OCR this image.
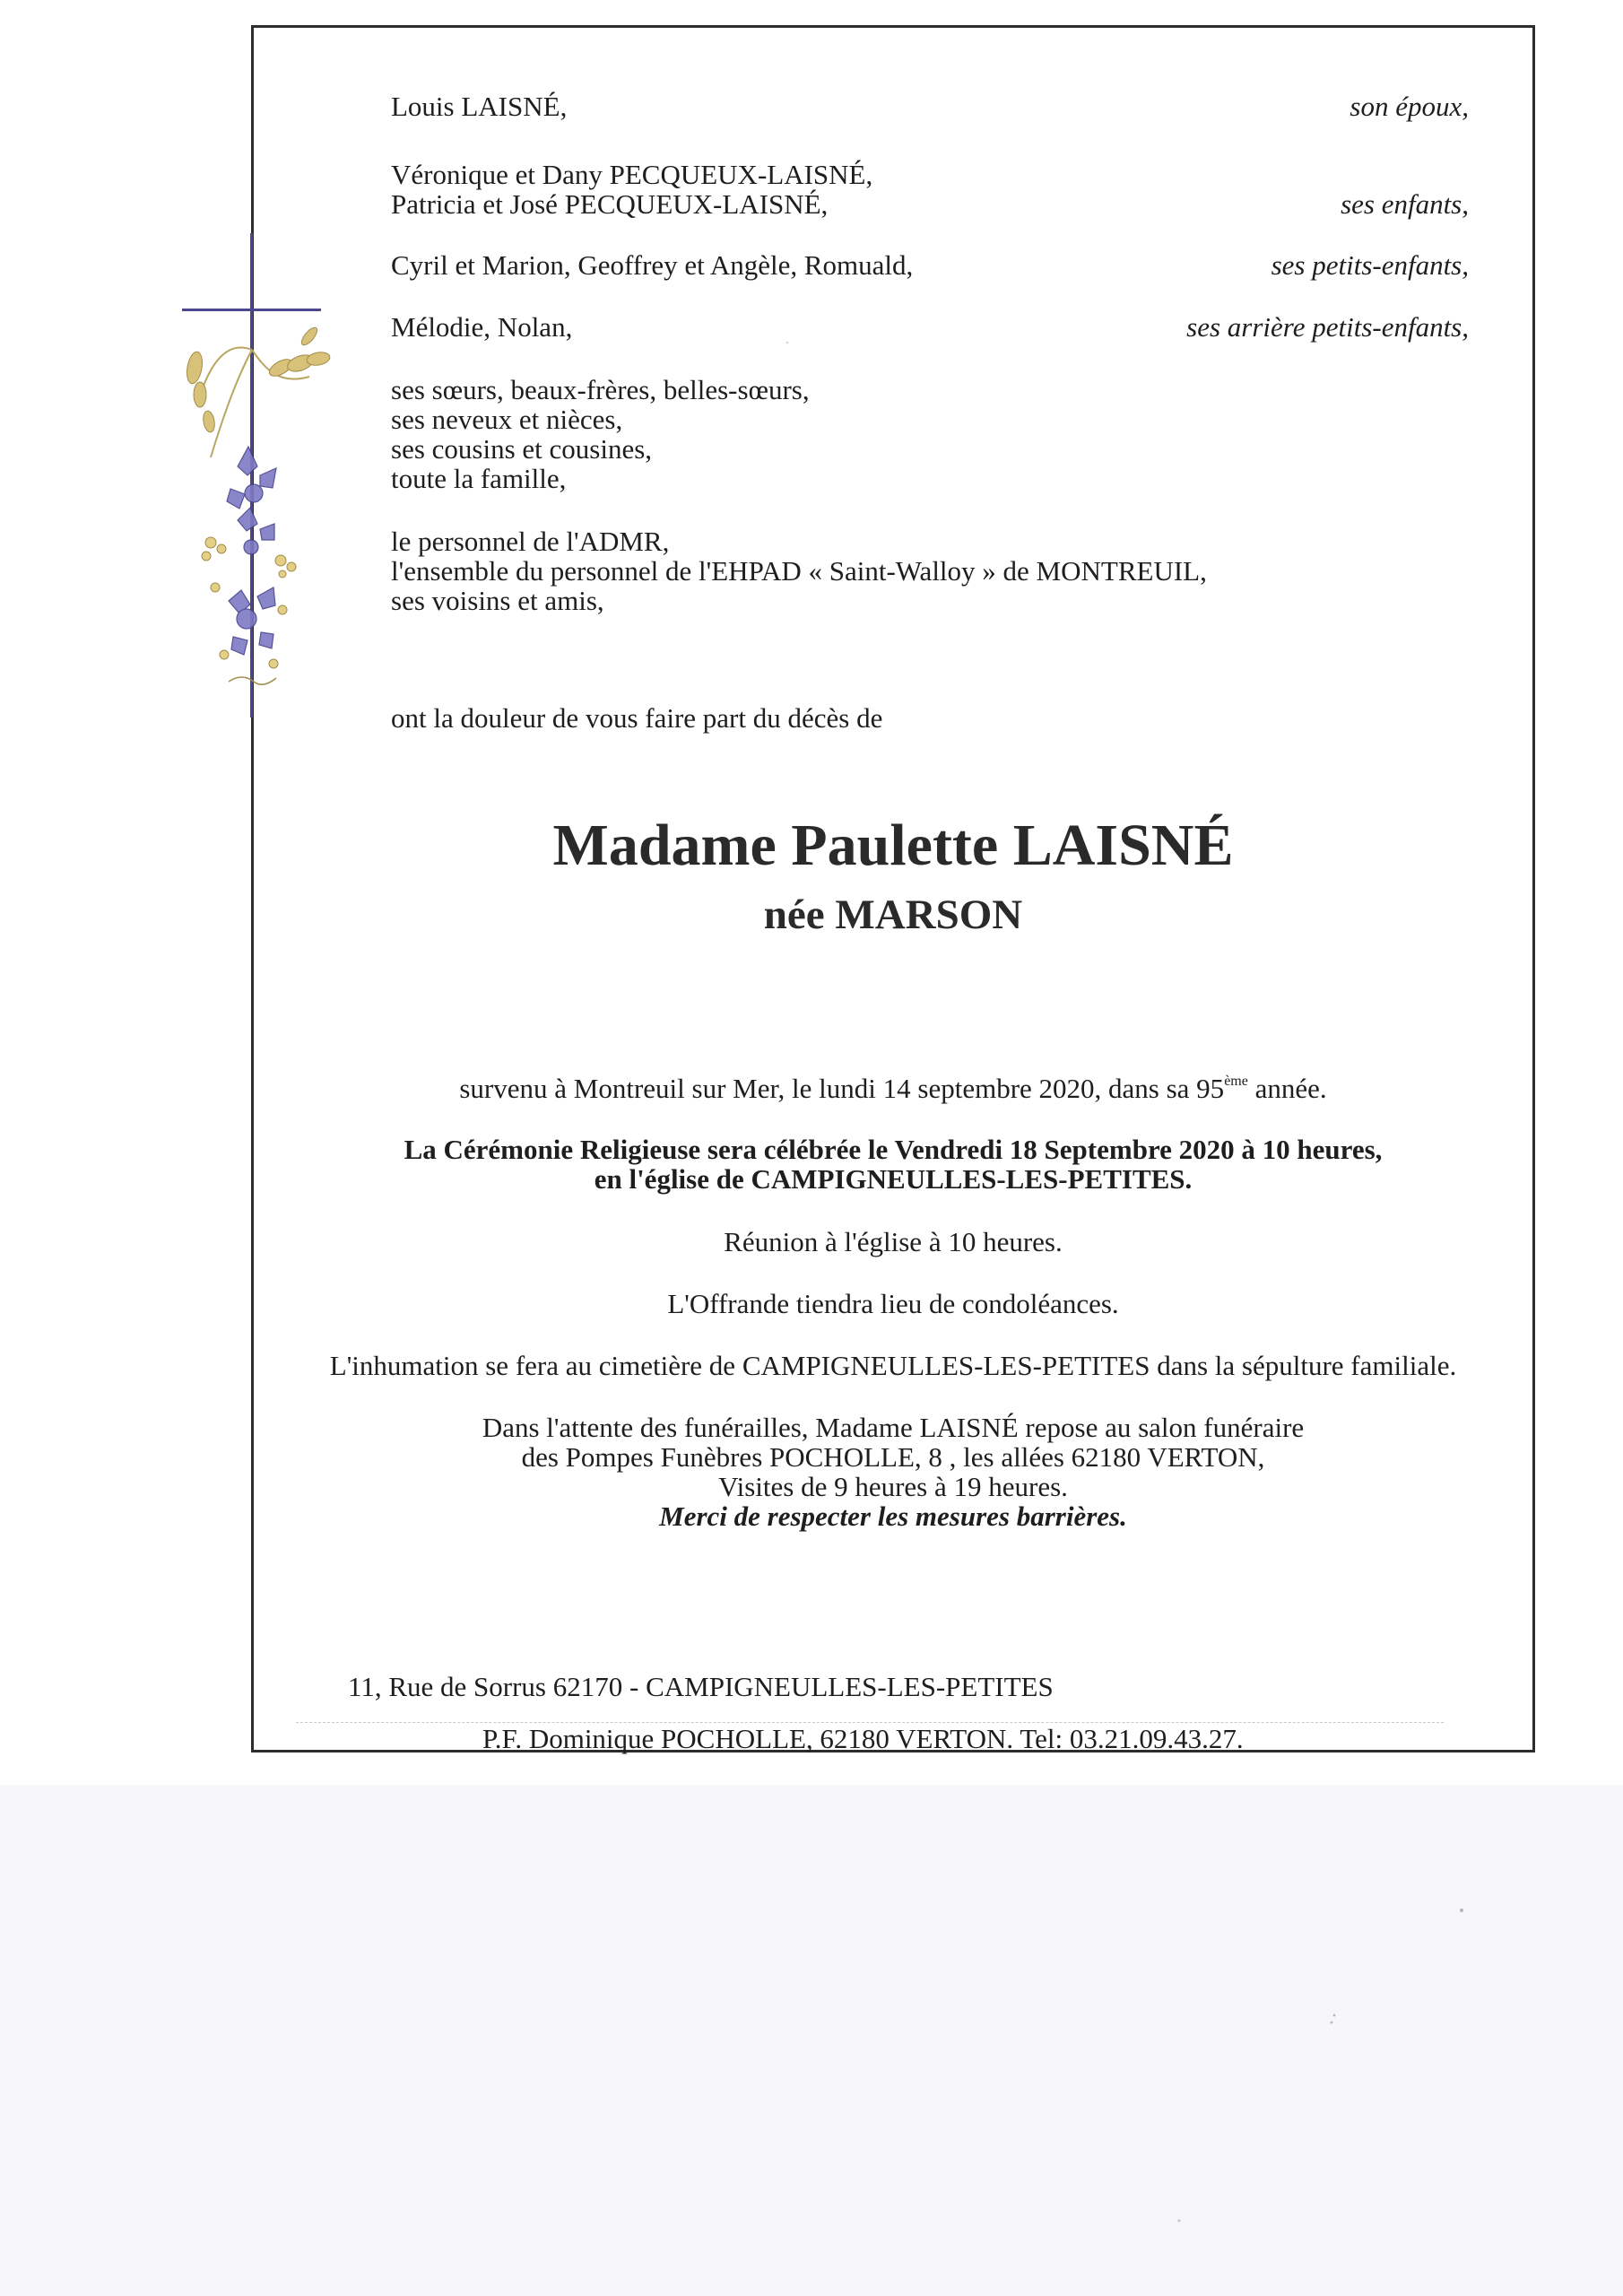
Louis LAISNÉ,	son époux,
Véronique et Dany PECQUEUX-LAISNÉ,
Patricia et José PECQUEUX-LAISNÉ,	ses enfants,
Cyril et Marion, Geoffrey et Angèle, Romuald,	ses petits-enfants,
Mélodie, Nolan,	ses arrière petits-enfants,

ses sœurs, beaux-frères, belles-sœurs,

ses neveux et nièces,

ses cousins et cousines,

toute la famille,

le personnel de l'ADMR,

l'ensemble du personnel de l'EHPAD « Saint-Walloy » de MONTREUIL,

ses voisins et amis,

ont la douleur de vous faire part du décès de
Madame Paulette LAISNÉ
née MARSON
survenu à Montreuil sur Mer, le lundi 14 septembre 2020, dans sa 95ème année.
La Cérémonie Religieuse sera célébrée le Vendredi 18 Septembre 2020 à 10 heures,
en l'église de CAMPIGNEULLES-LES-PETITES.
Réunion à l'église à 10 heures.
L'Offrande tiendra lieu de condoléances.
L'inhumation se fera au cimetière de CAMPIGNEULLES-LES-PETITES dans la sépulture familiale.
Dans l'attente des funérailles, Madame LAISNÉ repose au salon funéraire
des Pompes Funèbres POCHOLLE, 8 , les allées 62180 VERTON,
Visites de 9 heures à 19 heures.
Merci de respecter les mesures barrières.
11, Rue de Sorrus 62170 - CAMPIGNEULLES-LES-PETITES
P.F. Dominique POCHOLLE, 62180 VERTON. Tel: 03.21.09.43.27.
